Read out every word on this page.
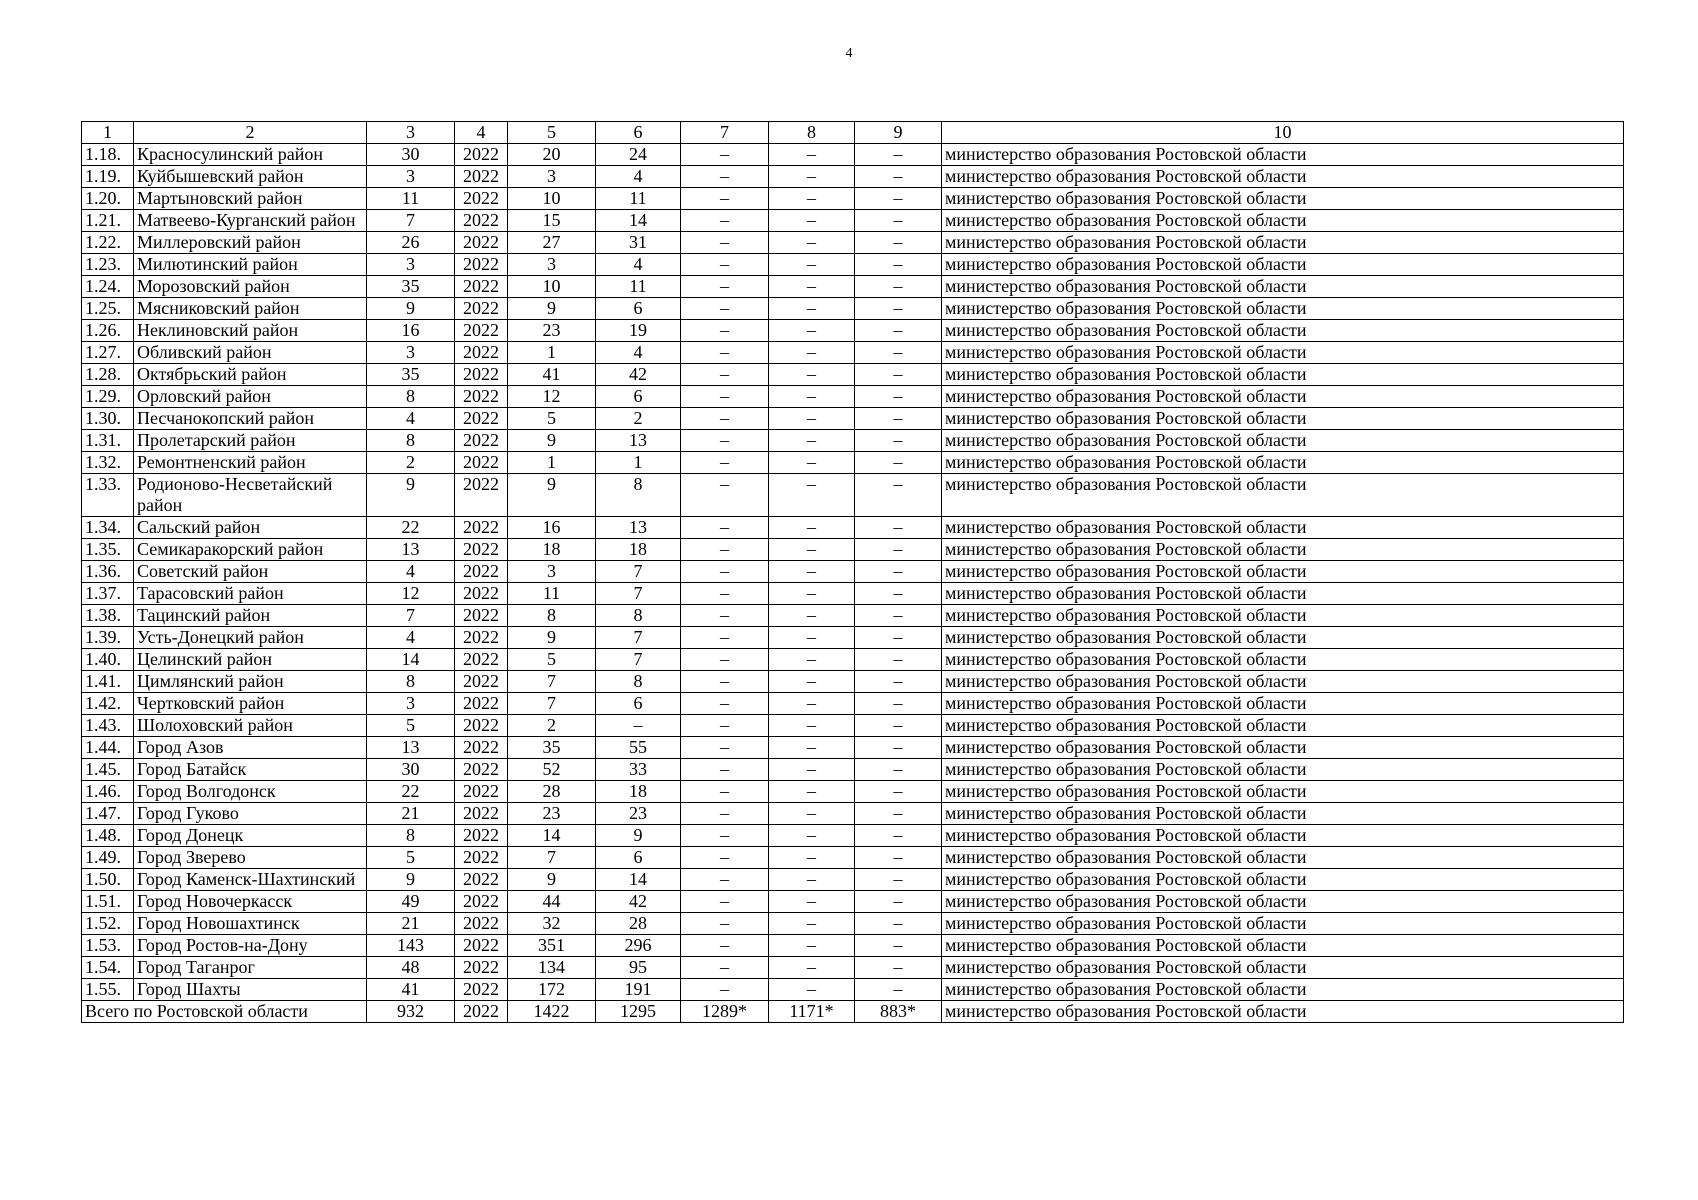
4
1	2	3	4	5	6	7	8	9	10
1.18.	Красносулинский район	30	2022	20	24	–	–	–	министерство образования Ростовской области
1.19.	Куйбышевский район	3	2022	3	4	–	–	–	министерство образования Ростовской области
1.20.	Мартыновский район	11	2022	10	11	–	–	–	министерство образования Ростовской области
1.21.	Матвеево-Курганский район	7	2022	15	14	–	–	–	министерство образования Ростовской области
1.22.	Миллеровский район	26	2022	27	31	–	–	–	министерство образования Ростовской области
1.23.	Милютинский район	3	2022	3	4	–	–	–	министерство образования Ростовской области
1.24.	Морозовский район	35	2022	10	11	–	–	–	министерство образования Ростовской области
1.25.	Мясниковский район	9	2022	9	6	–	–	–	министерство образования Ростовской области
1.26.	Неклиновский район	16	2022	23	19	–	–	–	министерство образования Ростовской области
1.27.	Обливский район	3	2022	1	4	–	–	–	министерство образования Ростовской области
1.28.	Октябрьский район	35	2022	41	42	–	–	–	министерство образования Ростовской области
1.29.	Орловский район	8	2022	12	6	–	–	–	министерство образования Ростовской области
1.30.	Песчанокопский район	4	2022	5	2	–	–	–	министерство образования Ростовской области
1.31.	Пролетарский район	8	2022	9	13	–	–	–	министерство образования Ростовской области
1.32.	Ремонтненский район	2	2022	1	1	–	–	–	министерство образования Ростовской области
1.33.	Родионово-Несветайский район	9	2022	9	8	–	–	–	министерство образования Ростовской области
1.34.	Сальский район	22	2022	16	13	–	–	–	министерство образования Ростовской области
1.35.	Семикаракорский район	13	2022	18	18	–	–	–	министерство образования Ростовской области
1.36.	Советский район	4	2022	3	7	–	–	–	министерство образования Ростовской области
1.37.	Тарасовский район	12	2022	11	7	–	–	–	министерство образования Ростовской области
1.38.	Тацинский район	7	2022	8	8	–	–	–	министерство образования Ростовской области
1.39.	Усть-Донецкий район	4	2022	9	7	–	–	–	министерство образования Ростовской области
1.40.	Целинский район	14	2022	5	7	–	–	–	министерство образования Ростовской области
1.41.	Цимлянский район	8	2022	7	8	–	–	–	министерство образования Ростовской области
1.42.	Чертковский район	3	2022	7	6	–	–	–	министерство образования Ростовской области
1.43.	Шолоховский район	5	2022	2	–	–	–	–	министерство образования Ростовской области
1.44.	Город Азов	13	2022	35	55	–	–	–	министерство образования Ростовской области
1.45.	Город Батайск	30	2022	52	33	–	–	–	министерство образования Ростовской области
1.46.	Город Волгодонск	22	2022	28	18	–	–	–	министерство образования Ростовской области
1.47.	Город Гуково	21	2022	23	23	–	–	–	министерство образования Ростовской области
1.48.	Город Донецк	8	2022	14	9	–	–	–	министерство образования Ростовской области
1.49.	Город Зверево	5	2022	7	6	–	–	–	министерство образования Ростовской области
1.50.	Город Каменск-Шахтинский	9	2022	9	14	–	–	–	министерство образования Ростовской области
1.51.	Город Новочеркасск	49	2022	44	42	–	–	–	министерство образования Ростовской области
1.52.	Город Новошахтинск	21	2022	32	28	–	–	–	министерство образования Ростовской области
1.53.	Город Ростов-на-Дону	143	2022	351	296	–	–	–	министерство образования Ростовской области
1.54.	Город Таганрог	48	2022	134	95	–	–	–	министерство образования Ростовской области
1.55.	Город Шахты	41	2022	172	191	–	–	–	министерство образования Ростовской области
Всего по Ростовской области		932	2022	1422	1295	1289*	1171*	883*	министерство образования Ростовской области
